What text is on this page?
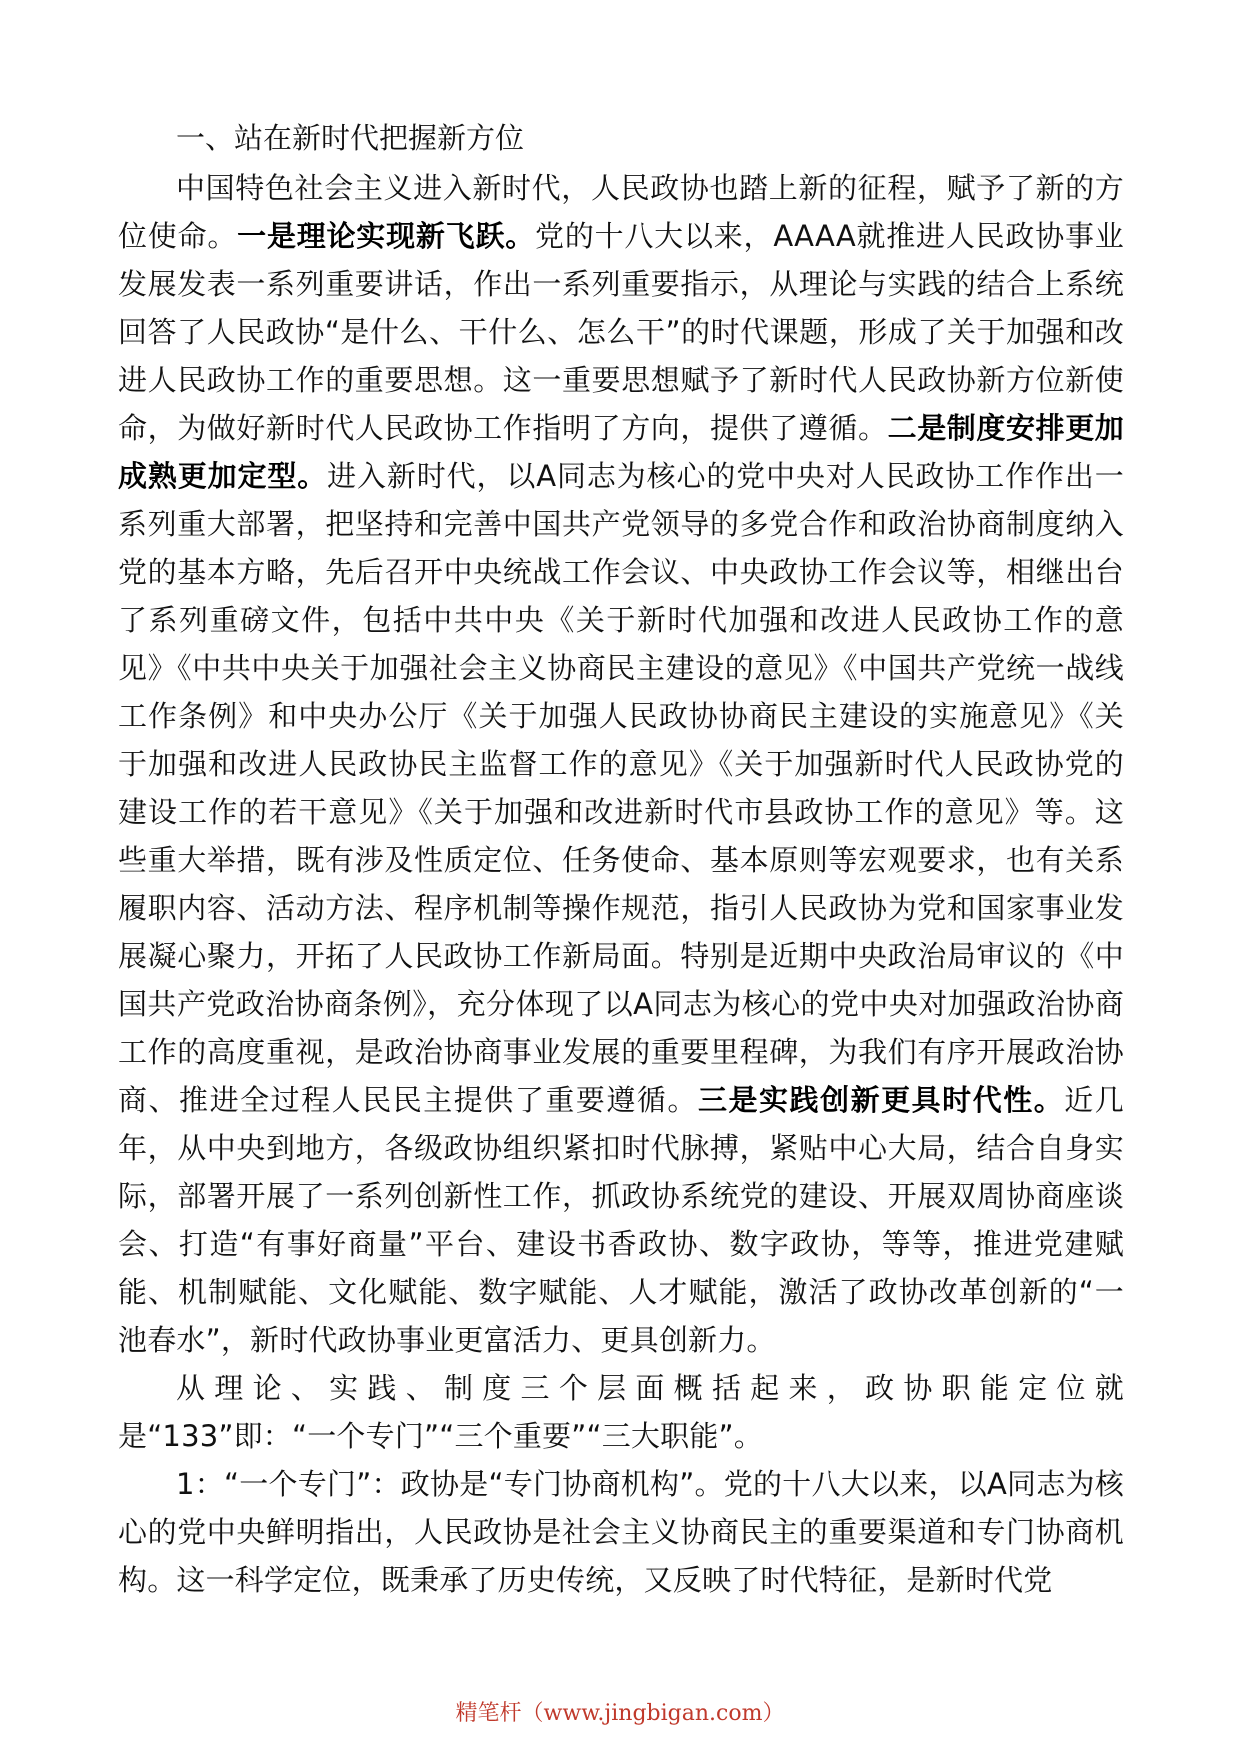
一、站在新时代把握新方位

中国特色社会主义进入新时代，人民政协也踏上新的征程，赋予了新的方位使命。一是理论实现新飞跃。党的十八大以来，AAAA就推进人民政协事业发展发表一系列重要讲话，作出一系列重要指示，从理论与实践的结合上系统回答了人民政协“是什么、干什么、怎么干”的时代课题，形成了关于加强和改进人民政协工作的重要思想。这一重要思想赋予了新时代人民政协新方位新使命，为做好新时代人民政协工作指明了方向，提供了遵循。二是制度安排更加成熟更加定型。进入新时代，以A同志为核心的党中央对人民政协工作作出一系列重大部署，把坚持和完善中国共产党领导的多党合作和政治协商制度纳入党的基本方略，先后召开中央统战工作会议、中央政协工作会议等，相继出台了系列重磅文件，包括中共中央《关于新时代加强和改进人民政协工作的意见》《中共中央关于加强社会主义协商民主建设的意见》《中国共产党统一战线工作条例》和中央办公厅《关于加强人民政协协商民主建设的实施意见》《关于加强和改进人民政协民主监督工作的意见》《关于加强新时代人民政协党的建设工作的若干意见》《关于加强和改进新时代市县政协工作的意见》等。这些重大举措，既有涉及性质定位、任务使命、基本原则等宏观要求，也有关系履职内容、活动方法、程序机制等操作规范，指引人民政协为党和国家事业发展凝心聚力，开拓了人民政协工作新局面。特别是近期中央政治局审议的《中国共产党政治协商条例》，充分体现了以A同志为核心的党中央对加强政治协商工作的高度重视，是政治协商事业发展的重要里程碑，为我们有序开展政治协商、推进全过程人民民主提供了重要遵循。三是实践创新更具时代性。近几年，从中央到地方，各级政协组织紧扣时代脉搏，紧贴中心大局，结合自身实际，部署开展了一系列创新性工作，抓政协系统党的建设、开展双周协商座谈会、打造“有事好商量”平台、建设书香政协、数字政协，等等，推进党建赋能、机制赋能、文化赋能、数字赋能、人才赋能，激活了政协改革创新的“一池春水”，新时代政协事业更富活力、更具创新力。

从理论、实践、制度三个层面概括起来，政协职能定位就是“133”即：“一个专门”“三个重要”“三大职能”。

1：“一个专门”：政协是“专门协商机构”。党的十八大以来，以A同志为核心的党中央鲜明指出，人民政协是社会主义协商民主的重要渠道和专门协商机构。这一科学定位，既秉承了历史传统，又反映了时代特征，是新时代党

精笔杆（www.jingbigan.com）
